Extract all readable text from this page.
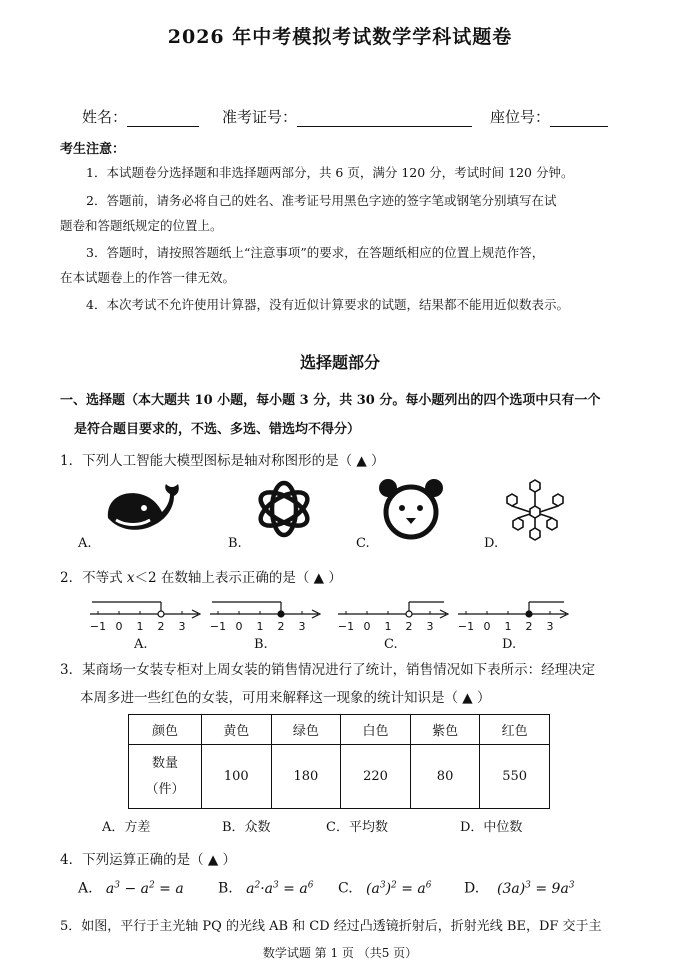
2026 年中考模拟考试数学学科试题卷
姓名：	准考证号：	座位号：
考生注意：
1．本试题卷分选择题和非选择题两部分，共 6 页，满分 120 分，考试时间 120 分钟。
2．答题前，请务必将自己的姓名、准考证号用黑色字迹的签字笔或钢笔分别填写在试
题卷和答题纸规定的位置上。
3．答题时，请按照答题纸上“注意事项”的要求，在答题纸相应的位置上规范作答，
在本试题卷上的作答一律无效。
4．本次考试不允许使用计算器，没有近似计算要求的试题，结果都不能用近似数表示。
选择题部分
一、选择题（本大题共 10 小题，每小题 3 分，共 30 分。每小题列出的四个选项中只有一个
是符合题目要求的，不选、多选、错选均不得分）
1．下列人工智能大模型图标是轴对称图形的是（ ▲ ）
A.	B.	C.	D.
2．不等式 x＜2 在数轴上表示正确的是（ ▲ ）
−1 0 1 2 3 −1 0 1 2 3	−1 0 1 2 3 −1 0 1 2 3
A.	B.	C.	D.
3．某商场一女装专柜对上周女装的销售情况进行了统计，销售情况如下表所示：经理决定
本周多进一些红色的女装，可用来解释这一现象的统计知识是（ ▲ ）
颜色	黄色	绿色	白色	紫色	红色

数量
（件）	100	180	220	80	550
A．方差	B．众数	C．平均数	D．中位数
4．下列运算正确的是（ ▲ ）
A.   $a^3 - a^2 = a$ B.   $a^2\cdot a^3 = a^6$ C.   $(a^3)^2 = a^6$ D.    $(3a)^3 = 9a^3$
5．如图，平行于主光轴 PQ 的光线 AB 和 CD 经过凸透镜折射后，折射光线 BE，DF 交于主
数学试题 第 1 页 （共5 页）
